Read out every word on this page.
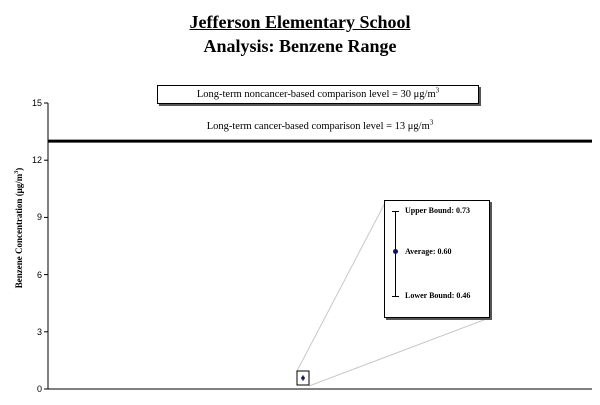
Jefferson Elementary School
Analysis: Benzene Range
Benzene Concentration $(\mu g/m^3)$
0
3
6
9
12
15
Long-term noncancer-based comparison level = 30 $\mu g/m^3$
Long-term cancer-based comparison level = 13 $\mu g/m^3$
Upper Bound: 0.73
Average: 0.60
Lower Bound: 0.46
